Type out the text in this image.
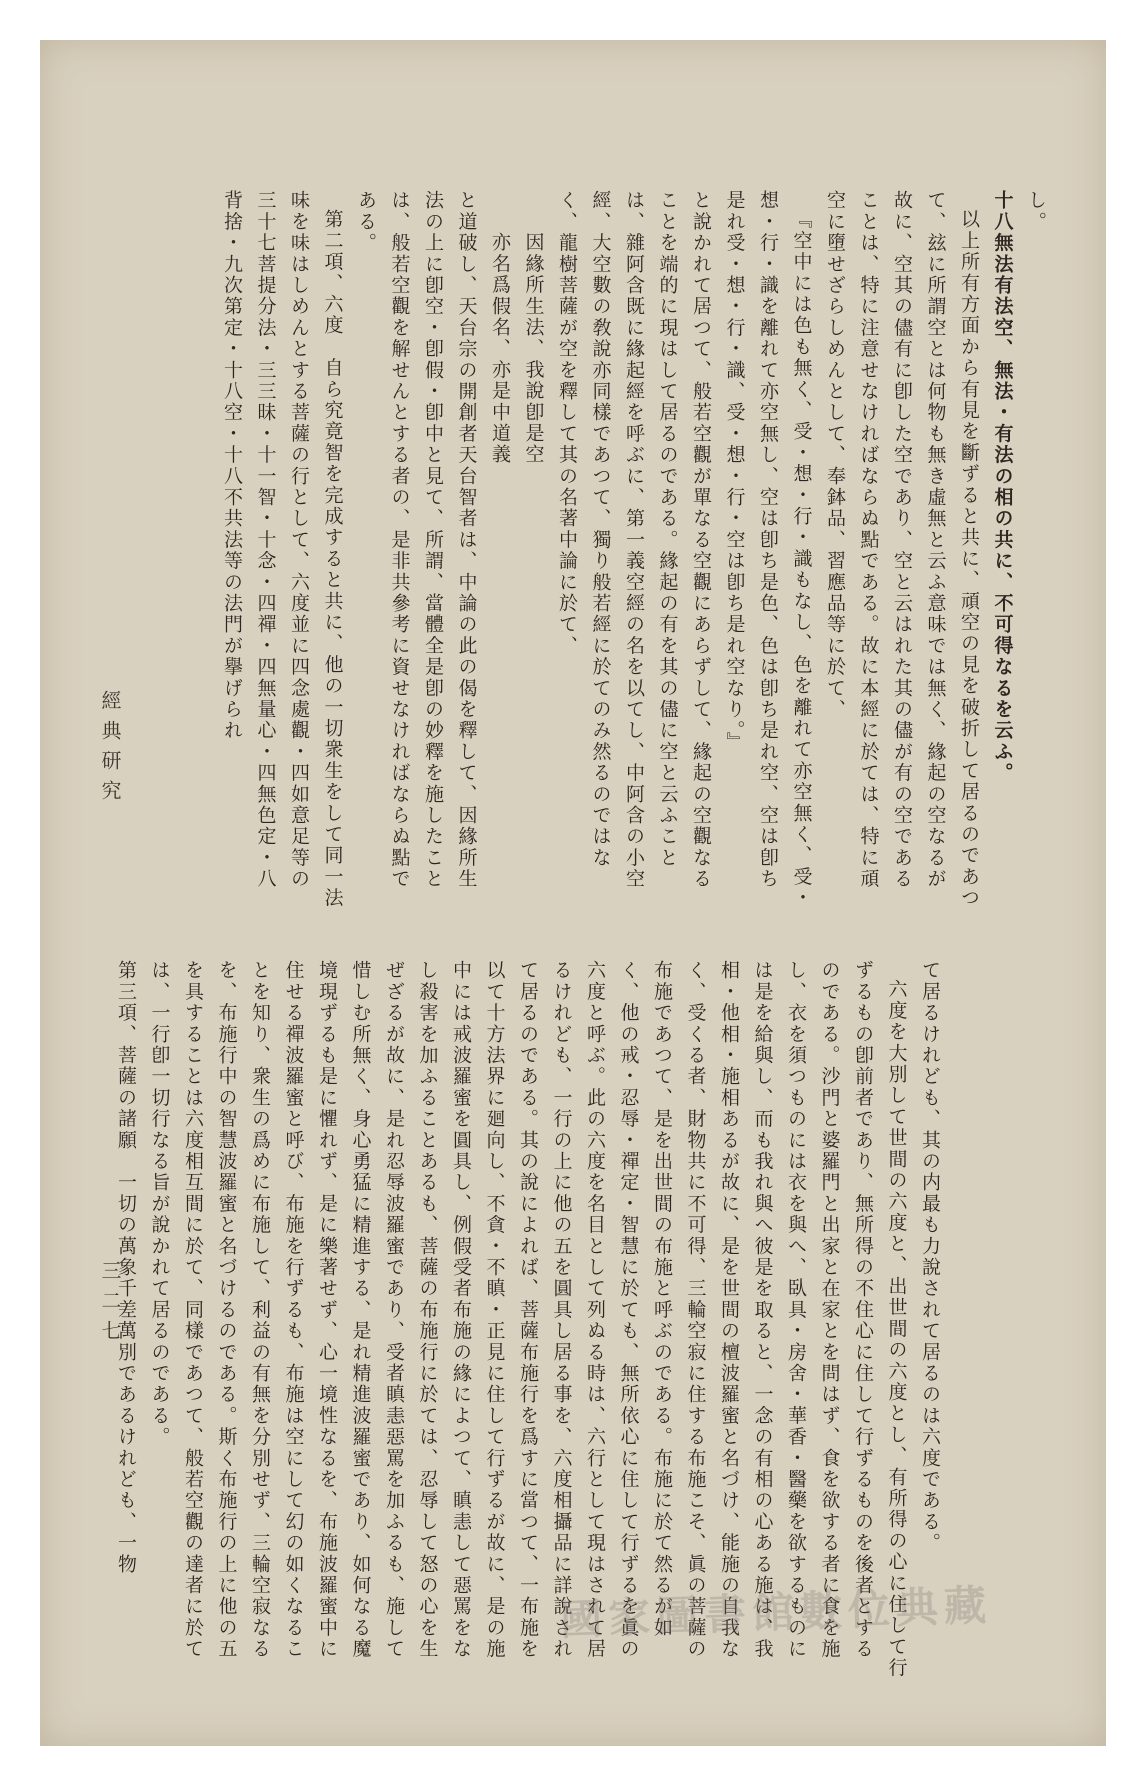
し。

十八無法有法空、無法・有法の相の共に、不可得なるを云ふ。

以上所有方面から有見を斷ずると共に、頑空の見を破折して居るのであつて、玆に所謂空とは何物も無き虛無と云ふ意味では無く、緣起の空なるが故に、空其の儘有に卽した空であり、空と云はれた其の儘が有の空であることは、特に注意せなければならぬ點である。故に本經に於ては、特に頑空に墮せざらしめんとして、奉鉢品、習應品等に於て、

『空中には色も無く、受・想・行・識もなし、色を離れて亦空無く、受・想・行・識を離れて亦空無し、空は卽ち是色、色は卽ち是れ空、空は卽ち是れ受・想・行・識、受・想・行・空は卽ち是れ空なり。』

と說かれて居つて、般若空觀が單なる空觀にあらずして、緣起の空觀なることを端的に現はして居るのである。緣起の有を其の儘に空と云ふことは、雜阿含既に緣起經を呼ぶに、第一義空經の名を以てし、中阿含の小空經、大空數の敎說亦同樣であつて、獨り般若經に於てのみ然るのではなく、龍樹菩薩が空を釋して其の名著中論に於て、

因緣所生法、我說卽是空

亦名爲假名、亦是中道義

と道破し、天台宗の開創者天台智者は、中論の此の偈を釋して、因緣所生法の上に卽空・卽假・卽中と見て、所謂、當體全是卽の妙釋を施したことは、般若空觀を解せんとする者の、是非共參考に資せなければならぬ點である。

第二項、六度　自ら究竟智を完成すると共に、他の一切衆生をして同一法味を味はしめんとする菩薩の行として、六度並に四念處觀・四如意足等の三十七菩提分法・三三昧・十一智・十念・四禪・四無量心・四無色定・八背捨・九次第定・十八空・十八不共法等の法門が擧げられ

て居るけれども、其の内最も力說されて居るのは六度である。

六度を大別して世間の六度と、出世間の六度とし、有所得の心に住して行ずるもの卽前者であり、無所得の不住心に住して行ずるものを後者とするのである。沙門と婆羅門と出家と在家とを問はず、食を欲する者に食を施し、衣を須つものには衣を與へ、臥具・房舍・華香・醫藥を欲するものには是を給與し、而も我れ與へ彼是を取ると、一念の有相の心ある施は、我相・他相・施相あるが故に、是を世間の檀波羅蜜と名づけ、能施の自我なく、受くる者、財物共に不可得、三輪空寂に住する布施こそ、眞の菩薩の布施であつて、是を出世間の布施と呼ぶのである。布施に於て然るが如く、他の戒・忍辱・禪定・智慧に於ても、無所依心に住して行ずるを眞の六度と呼ぶ。此の六度を名目として列ぬる時は、六行として現はされて居るけれども、一行の上に他の五を圓具し居る事を、六度相攝品に詳說されて居るのである。其の說によれば、菩薩布施行を爲すに當つて、一布施を以て十方法界に廻向し、不貪・不瞋・正見に住して行ずるが故に、是の施中には戒波羅蜜を圓具し、例假受者布施の緣によつて、瞋恚して惡罵をなし殺害を加ふることあるも、菩薩の布施行に於ては、忍辱して怒の心を生ぜざるが故に、是れ忍辱波羅蜜であり、受者瞋恚惡罵を加ふるも、施して惜しむ所無く、身心勇猛に精進する、是れ精進波羅蜜であり、如何なる魔境現ずるも是に懼れず、是に樂著せず、心一境性なるを、布施波羅蜜中に住せる禪波羅蜜と呼び、布施を行ずるも、布施は空にして幻の如くなることを知り、衆生の爲めに布施して、利益の有無を分別せず、三輪空寂なるを、布施行中の智慧波羅蜜と名づけるのである。斯く布施行の上に他の五を具することは六度相互間に於て、同樣であつて、般若空觀の達者に於ては、一行卽一切行なる旨が說かれて居るのである。

第三項、菩薩の諸願　一切の萬象千差萬別であるけれども、一物

經典研究
三二七
國家圖書館數位典藏
